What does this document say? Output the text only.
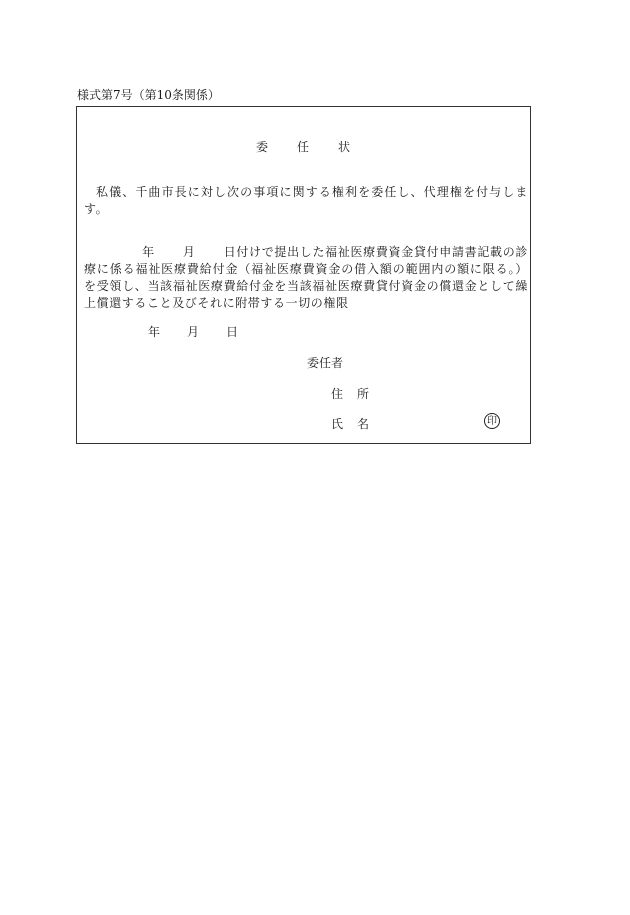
様式第7号（第10条関係）
委 任 状
私儀、千曲市長に対し次の事項に関する権利を委任し、代理権を付与します。
年 月 日付けで提出した福祉医療費資金貸付申請書記載の診療に係る福祉医療費給付金（福祉医療費資金の借入額の範囲内の額に限る。）を受領し、当該福祉医療費給付金を当該福祉医療費貸付資金の償還金として繰上償還すること及びそれに附帯する一切の権限
年 月 日
委任者
住 所
氏 名	印
